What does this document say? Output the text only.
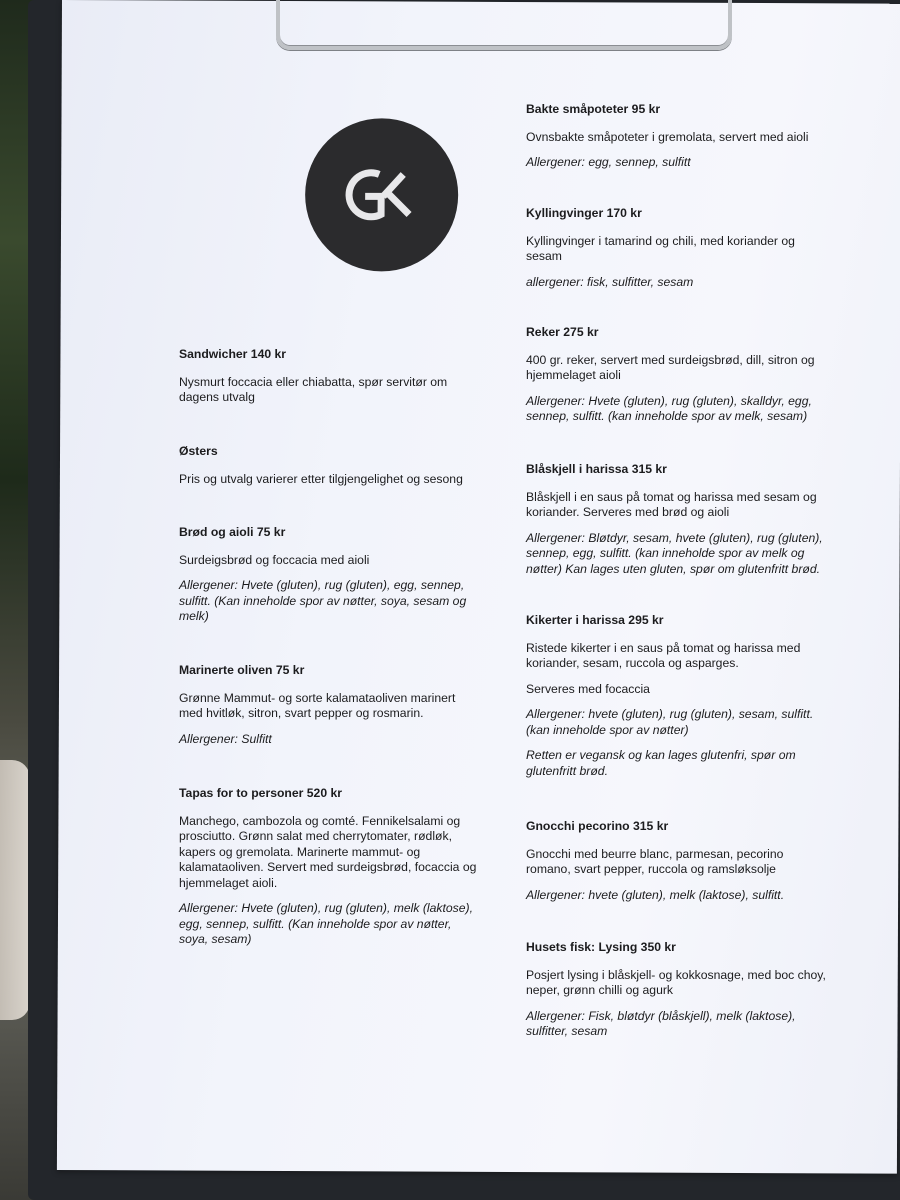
Sandwicher 140 kr

Nysmurt foccacia eller chiabatta, spør servitør om dagens utvalg

Østers

Pris og utvalg varierer etter tilgjengelighet og sesong

Brød og aioli 75 kr

Surdeigsbrød og foccacia med aioli

Allergener: Hvete (gluten), rug (gluten), egg, sennep, sulfitt. (Kan inneholde spor av nøtter, soya, sesam og melk)

Marinerte oliven 75 kr

Grønne Mammut- og sorte kalamataoliven marinert med hvitløk, sitron, svart pepper og rosmarin.

Allergener: Sulfitt

Tapas for to personer 520 kr

Manchego, cambozola og comté. Fennikelsalami og prosciutto. Grønn salat med cherrytomater, rødløk, kapers og gremolata. Marinerte mammut- og kalamataoliven. Servert med surdeigsbrød, focaccia og hjemmelaget aioli.

Allergener: Hvete (gluten), rug (gluten), melk (laktose), egg, sennep, sulfitt. (Kan inneholde spor av nøtter, soya, sesam)

Bakte småpoteter 95 kr

Ovnsbakte småpoteter i gremolata, servert med aioli

Allergener: egg, sennep, sulfitt

Kyllingvinger 170 kr

Kyllingvinger i tamarind og chili, med koriander og sesam

allergener: fisk, sulfitter, sesam

Reker 275 kr

400 gr. reker, servert med surdeigsbrød, dill, sitron og hjemmelaget aioli

Allergener: Hvete (gluten), rug (gluten), skalldyr, egg, sennep, sulfitt. (kan inneholde spor av melk, sesam)

Blåskjell i harissa 315 kr

Blåskjell i en saus på tomat og harissa med sesam og koriander. Serveres med brød og aioli

Allergener: Bløtdyr, sesam, hvete (gluten), rug (gluten), sennep, egg, sulfitt. (kan inneholde spor av melk og nøtter) Kan lages uten gluten, spør om glutenfritt brød.

Kikerter i harissa 295 kr

Ristede kikerter i en saus på tomat og harissa med koriander, sesam, ruccola og asparges.

Serveres med focaccia

Allergener: hvete (gluten), rug (gluten), sesam, sulfitt. (kan inneholde spor av nøtter)

Retten er vegansk og kan lages glutenfri, spør om glutenfritt brød.

Gnocchi pecorino 315 kr

Gnocchi med beurre blanc, parmesan, pecorino romano, svart pepper, ruccola og ramsløksolje

Allergener: hvete (gluten), melk (laktose), sulfitt.

Husets fisk: Lysing 350 kr

Posjert lysing i blåskjell- og kokkosnage, med boc choy, neper, grønn chilli og agurk

Allergener: Fisk, bløtdyr (blåskjell), melk (laktose), sulfitter, sesam
